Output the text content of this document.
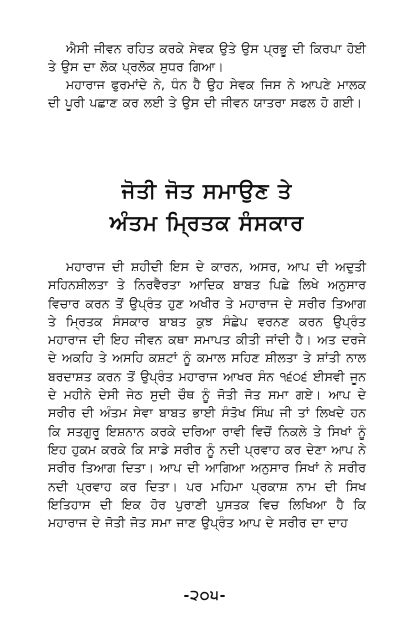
ਐਸੀ ਜੀਵਨ ਰਹਿਤ ਕਰਕੇ ਸੇਵਕ ਉਤੇ ਉਸ ਪ੍ਰਭੂ ਦੀ ਕਿਰਪਾ ਹੋਈ ਤੇ ਉਸ ਦਾ ਲੋਕ ਪ੍ਰਲੋਕ ਸੁਧਰ ਗਿਆ।

ਮਹਾਰਾਜ ਫੁਰਮਾਂਦੇ ਨੇ, ਧੰਨ ਹੈ ਉਹ ਸੇਵਕ ਜਿਸ ਨੇ ਆਪਣੇ ਮਾਲਕ ਦੀ ਪੂਰੀ ਪਛਾਣ ਕਰ ਲਈ ਤੇ ਉਸ ਦੀ ਜੀਵਨ ਯਾਤਰਾ ਸਫਲ ਹੋ ਗਈ।

ਜੋਤੀ ਜੋਤ ਸਮਾਉਣ ਤੇ
ਅੰਤਮ ਮ੍ਰਿਤਕ ਸੰਸਕਾਰ

ਮਹਾਰਾਜ ਦੀ ਸ਼ਹੀਦੀ ਇਸ ਦੇ ਕਾਰਨ, ਅਸਰ, ਆਪ ਦੀ ਅਦੁਤੀ ਸਹਿਨਸ਼ੀਲਤਾ ਤੇ ਨਿਰਵੈਰਤਾ ਆਦਿਕ ਬਾਬਤ ਪਿਛੇ ਲਿਖੇ ਅਨੁਸਾਰ ਵਿਚਾਰ ਕਰਨ ਤੋਂ ਉਪ੍ਰੰਤ ਹੁਣ ਅਖੀਰ ਤੇ ਮਹਾਰਾਜ ਦੇ ਸਰੀਰ ਤਿਆਗ ਤੇ ਮ੍ਰਿਤਕ ਸੰਸਕਾਰ ਬਾਬਤ ਕੁਝ ਸੰਛੇਪ ਵਰਨਣ ਕਰਨ ਉਪ੍ਰੰਤ ਮਹਾਰਾਜ ਦੀ ਇਹ ਜੀਵਨ ਕਥਾ ਸਮਾਪਤ ਕੀਤੀ ਜਾਂਦੀ ਹੈ। ਅਤ ਦਰਜੇ ਦੇ ਅਕਹਿ ਤੇ ਅਸਹਿ ਕਸ਼ਟਾਂ ਨੂੰ ਕਮਾਲ ਸਹਿਣ ਸ਼ੀਲਤਾ ਤੇ ਸ਼ਾਂਤੀ ਨਾਲ ਬਰਦਾਸ਼ਤ ਕਰਨ ਤੋਂ ਉਪ੍ਰੰਤ ਮਹਾਰਾਜ ਆਖਰ ਸੰਨ ੧੬੦੬ ਈਸਵੀ ਜੂਨ ਦੇ ਮਹੀਨੇ ਦੇਸੀ ਜੇਠ ਸੁਦੀ ਚੌਥ ਨੂੰ ਜੋਤੀ ਜੋਤ ਸਮਾ ਗਏ। ਆਪ ਦੇ ਸਰੀਰ ਦੀ ਅੰਤਮ ਸੇਵਾ ਬਾਬਤ ਭਾਈ ਸੰਤੋਖ ਸਿੰਘ ਜੀ ਤਾਂ ਲਿਖਦੇ ਹਨ ਕਿ ਸਤਗੁਰੂ ਇਸ਼ਨਾਨ ਕਰਕੇ ਦਰਿਆ ਰਾਵੀ ਵਿਚੋਂ ਨਿਕਲੇ ਤੇ ਸਿਖਾਂ ਨੂੰ ਇਹ ਹੁਕਮ ਕਰਕੇ ਕਿ ਸਾਡੇ ਸਰੀਰ ਨੂੰ ਨਦੀ ਪ੍ਰਵਾਹ ਕਰ ਦੇਣਾ ਆਪ ਨੇ ਸਰੀਰ ਤਿਆਗ ਦਿਤਾ। ਆਪ ਦੀ ਆਗਿਆ ਅਨੁਸਾਰ ਸਿਖਾਂ ਨੇ ਸਰੀਰ ਨਦੀ ਪ੍ਰਵਾਹ ਕਰ ਦਿਤਾ। ਪਰ ਮਹਿਮਾ ਪ੍ਰਕਾਸ਼ ਨਾਮ ਦੀ ਸਿਖ ਇਤਿਹਾਸ ਦੀ ਇਕ ਹੋਰ ਪੁਰਾਣੀ ਪੁਸਤਕ ਵਿਚ ਲਿਖਿਆ ਹੈ ਕਿ ਮਹਾਰਾਜ ਦੇ ਜੋਤੀ ਜੋਤ ਸਮਾ ਜਾਣ ਉਪ੍ਰੰਤ ਆਪ ਦੇ ਸਰੀਰ ਦਾ ਦਾਹ

-੨੦੫-
